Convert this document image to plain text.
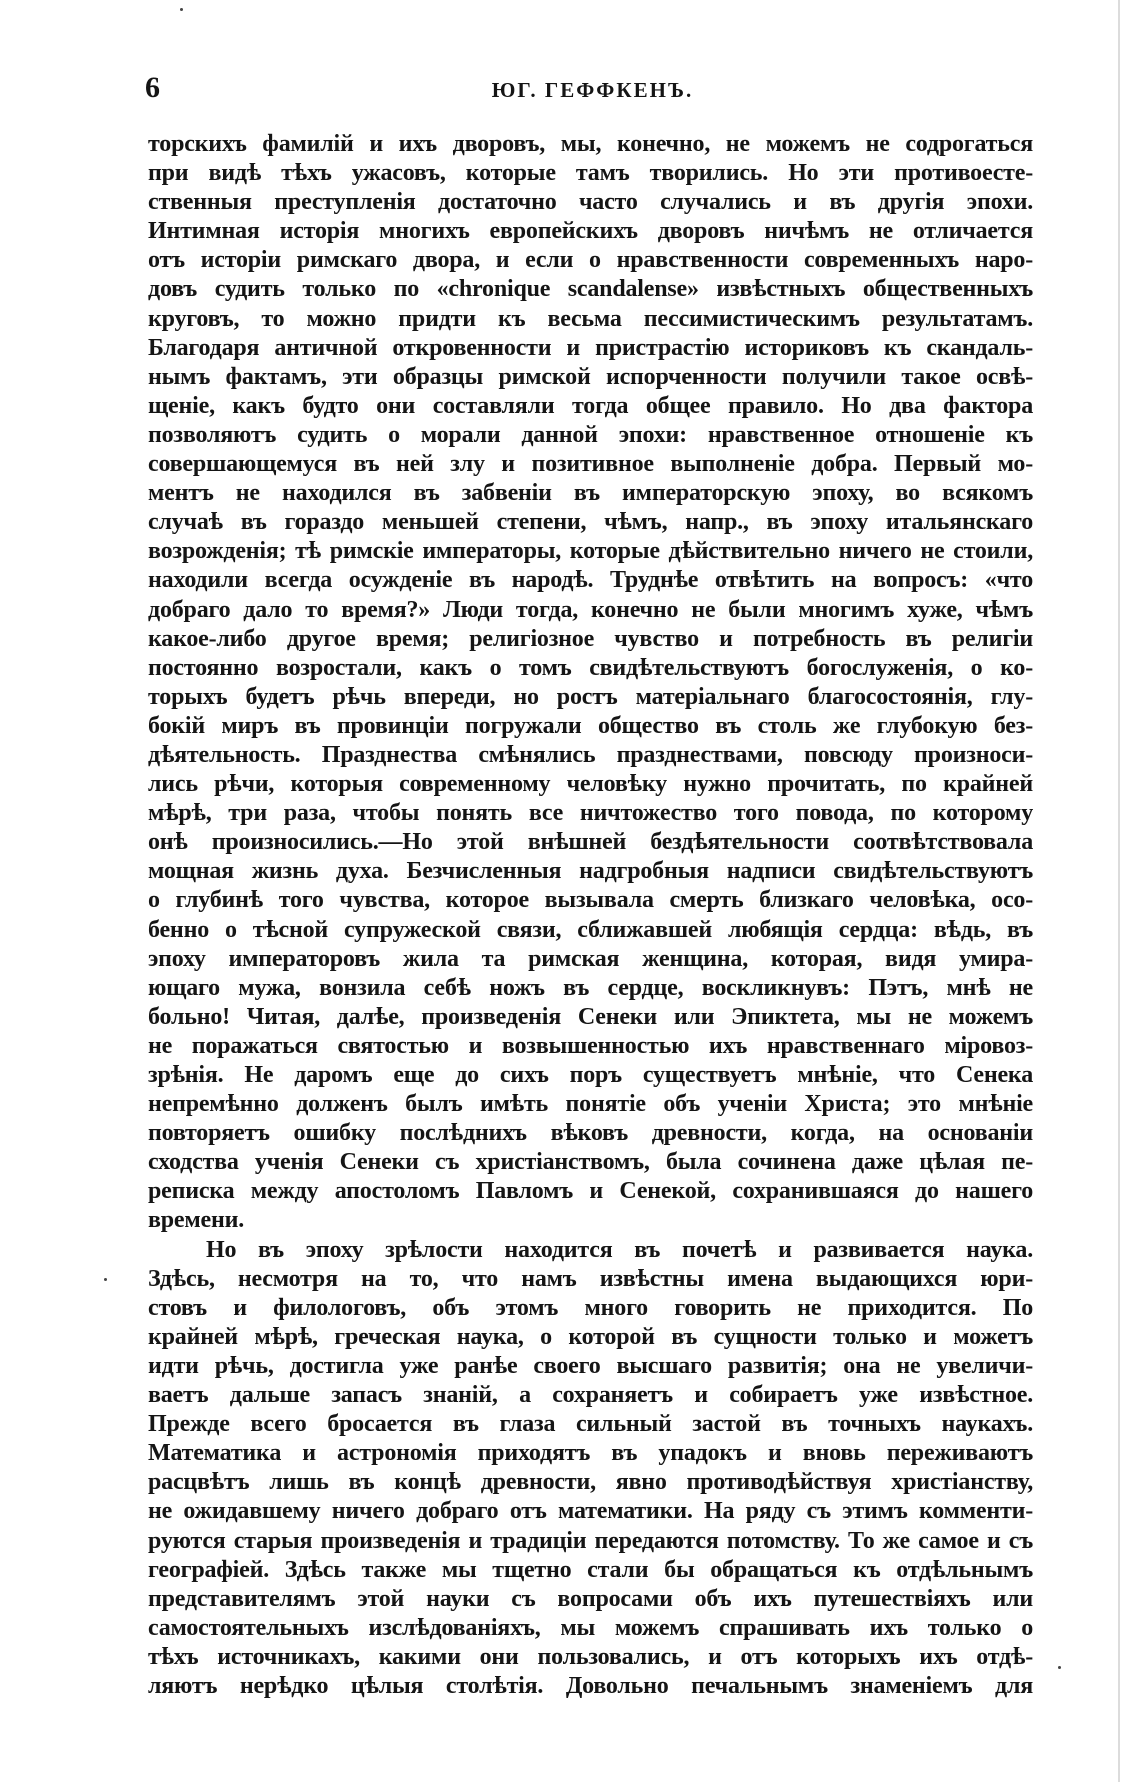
6	ЮГ. ГЕФФКЕНЪ.
торскихъ фамилій и ихъ дворовъ, мы, конечно, не можемъ не содрогаться
при видѣ тѣхъ ужасовъ, которые тамъ творились. Но эти противоесте-
ственныя преступленія достаточно часто случались и въ другія эпохи.
Интимная исторія многихъ европейскихъ дворовъ ничѣмъ не отличается
отъ исторіи римскаго двора, и если о нравственности современныхъ наро-
довъ судить только по «chronique scandalense» извѣстныхъ общественныхъ
круговъ, то можно придти къ весьма пессимистическимъ результатамъ.
Благодаря античной откровенности и пристрастію историковъ къ скандаль-
нымъ фактамъ, эти образцы римской испорченности получили такое освѣ-
щеніе, какъ будто они составляли тогда общее правило. Но два фактора
позволяютъ судить о морали данной эпохи: нравственное отношеніе къ
совершающемуся въ ней злу и позитивное выполненіе добра. Первый мо-
ментъ не находился въ забвеніи въ императорскую эпоху, во всякомъ
случаѣ въ гораздо меньшей степени, чѣмъ, напр., въ эпоху итальянскаго
возрожденія; тѣ римскіе императоры, которые дѣйствительно ничего не стоили,
находили всегда осужденіе въ народѣ. Труднѣе отвѣтить на вопросъ: «что
добраго дало то время?» Люди тогда, конечно не были многимъ хуже, чѣмъ
какое-либо другое время; религіозное чувство и потребность въ религіи
постоянно возростали, какъ о томъ свидѣтельствуютъ богослуженія, о ко-
торыхъ будетъ рѣчь впереди, но ростъ матеріальнаго благосостоянія, глу-
бокій миръ въ провинціи погружали общество въ столь же глубокую без-
дѣятельность. Празднества смѣнялись празднествами, повсюду произноси-
лись рѣчи, которыя современному человѣку нужно прочитать, по крайней
мѣрѣ, три раза, чтобы понять все ничтожество того повода, по которому
онѣ произносились.—Но этой внѣшней бездѣятельности соотвѣтствовала
мощная жизнь духа. Безчисленныя надгробныя надписи свидѣтельствуютъ
о глубинѣ того чувства, которое вызывала смерть близкаго человѣка, осо-
бенно о тѣсной супружеской связи, сближавшей любящія сердца: вѣдь, въ
эпоху императоровъ жила та римская женщина, которая, видя умира-
ющаго мужа, вонзила себѣ ножъ въ сердце, воскликнувъ: Пэтъ, мнѣ не
больно! Читая, далѣе, произведенія Сенеки или Эпиктета, мы не можемъ
не поражаться святостью и возвышенностью ихъ нравственнаго міровоз-
зрѣнія. Не даромъ еще до сихъ поръ существуетъ мнѣніе, что Сенека
непремѣнно долженъ былъ имѣть понятіе объ ученіи Христа; это мнѣніе
повторяетъ ошибку послѣднихъ вѣковъ древности, когда, на основаніи
сходства ученія Сенеки съ христіанствомъ, была сочинена даже цѣлая пе-
реписка между апостоломъ Павломъ и Сенекой, сохранившаяся до нашего
времени.
Но въ эпоху зрѣлости находится въ почетѣ и развивается наука.
Здѣсь, несмотря на то, что намъ извѣстны имена выдающихся юри-
стовъ и филологовъ, объ этомъ много говорить не приходится. По
крайней мѣрѣ, греческая наука, о которой въ сущности только и можетъ
идти рѣчь, достигла уже ранѣе своего высшаго развитія; она не увеличи-
ваетъ дальше запасъ знаній, а сохраняетъ и собираетъ уже извѣстное.
Прежде всего бросается въ глаза сильный застой въ точныхъ наукахъ.
Математика и астрономія приходятъ въ упадокъ и вновь переживаютъ
расцвѣтъ лишь въ концѣ древности, явно противодѣйствуя христіанству,
не ожидавшему ничего добраго отъ математики. На ряду съ этимъ комменти-
руются старыя произведенія и традиціи передаются потомству. То же самое и съ
географіей. Здѣсь также мы тщетно стали бы обращаться къ отдѣльнымъ
представителямъ этой науки съ вопросами объ ихъ путешествіяхъ или
самостоятельныхъ изслѣдованіяхъ, мы можемъ спрашивать ихъ только о
тѣхъ источникахъ, какими они пользовались, и отъ которыхъ ихъ отдѣ-
ляютъ нерѣдко цѣлыя столѣтія. Довольно печальнымъ знаменіемъ для
